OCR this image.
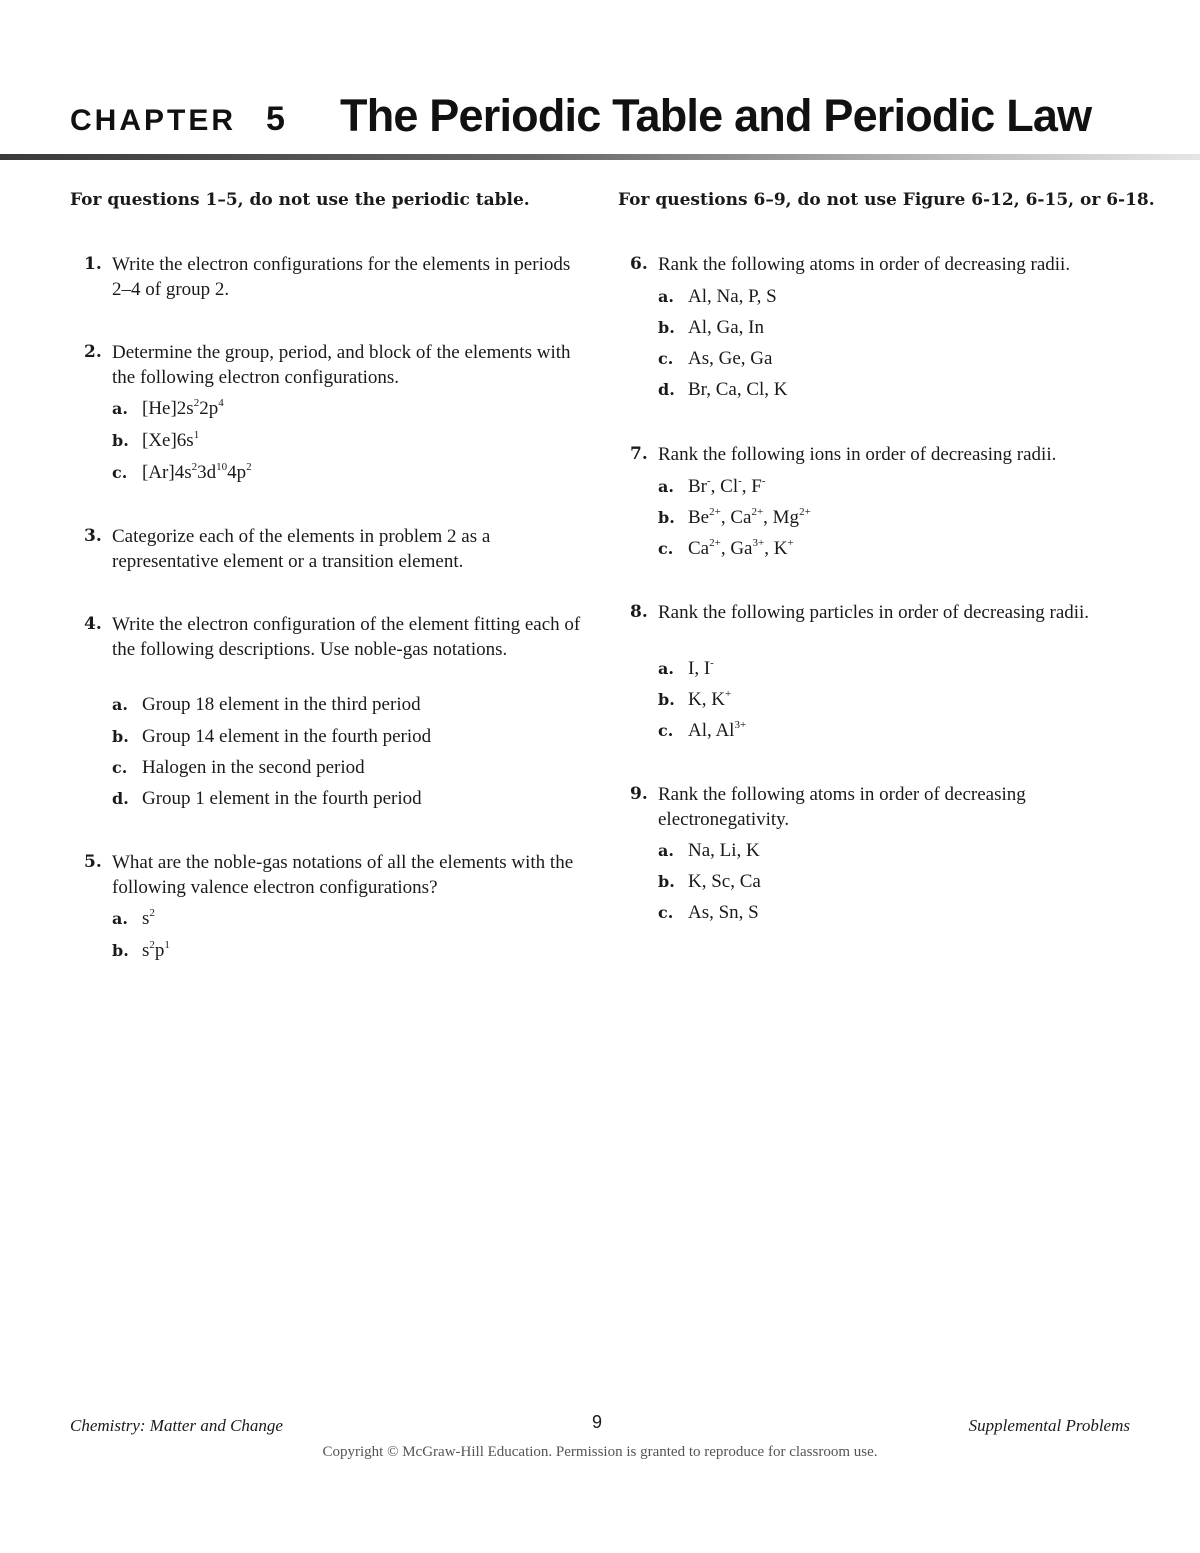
CHAPTER 5 The Periodic Table and Periodic Law
For questions 1–5, do not use the periodic table.
1. Write the electron configurations for the elements in periods 2–4 of group 2.
2. Determine the group, period, and block of the elements with the following electron configurations.
a. $[He]2s^22p^4$
b. $[Xe]6s^1$
c. $[Ar]4s^23d^{10}4p^2$
3. Categorize each of the elements in problem 2 as a representative element or a transition element.
4. Write the electron configuration of the element fitting each of the following descriptions. Use noble-gas notations.
a. Group 18 element in the third period
b. Group 14 element in the fourth period
c. Halogen in the second period
d. Group 1 element in the fourth period
5. What are the noble-gas notations of all the elements with the following valence electron configurations?
a. $s^2$
b. $s^2p^1$
For questions 6–9, do not use Figure 6-12, 6-15, or 6-18.
6. Rank the following atoms in order of decreasing radii.
a. Al, Na, P, S
b. Al, Ga, In
c. As, Ge, Ga
d. Br, Ca, Cl, K
7. Rank the following ions in order of decreasing radii.
a. Br-, Cl-, F-
b. $Be^{2+}$, $Ca^{2+}$, $Mg^{2+}$
c. $Ca^{2+}$, $Ga^{3+}$, K+
8. Rank the following particles in order of decreasing radii.
a. I, I-
b. K, K+
c. Al, $Al^{3+}$
9. Rank the following atoms in order of decreasing electronegativity.
a. Na, Li, K
b. K, Sc, Ca
c. As, Sn, S
Chemistry: Matter and Change	9	Supplemental Problems
Copyright © McGraw-Hill Education. Permission is granted to reproduce for classroom use.
